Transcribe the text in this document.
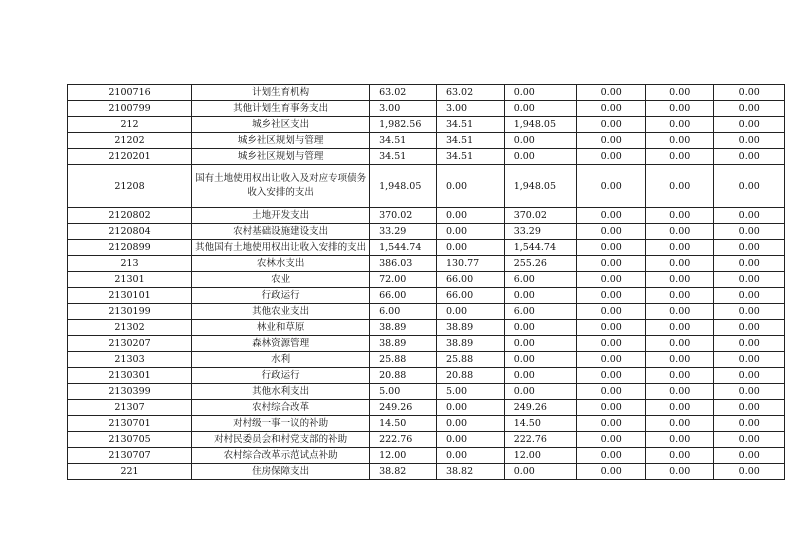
2100716	计划生育机构	63.02	63.02	0.00	0.00	0.00	0.00
2100799	其他计划生育事务支出	3.00	3.00	0.00	0.00	0.00	0.00
212	城乡社区支出	1,982.56	34.51	1,948.05	0.00	0.00	0.00
21202	城乡社区规划与管理	34.51	34.51	0.00	0.00	0.00	0.00
2120201	城乡社区规划与管理	34.51	34.51	0.00	0.00	0.00	0.00
21208	国有土地使用权出让收入及对应专项债务收入安排的支出	1,948.05	0.00	1,948.05	0.00	0.00	0.00
2120802	土地开发支出	370.02	0.00	370.02	0.00	0.00	0.00
2120804	农村基础设施建设支出	33.29	0.00	33.29	0.00	0.00	0.00
2120899	其他国有土地使用权出让收入安排的支出	1,544.74	0.00	1,544.74	0.00	0.00	0.00
213	农林水支出	386.03	130.77	255.26	0.00	0.00	0.00
21301	农业	72.00	66.00	6.00	0.00	0.00	0.00
2130101	行政运行	66.00	66.00	0.00	0.00	0.00	0.00
2130199	其他农业支出	6.00	0.00	6.00	0.00	0.00	0.00
21302	林业和草原	38.89	38.89	0.00	0.00	0.00	0.00
2130207	森林资源管理	38.89	38.89	0.00	0.00	0.00	0.00
21303	水利	25.88	25.88	0.00	0.00	0.00	0.00
2130301	行政运行	20.88	20.88	0.00	0.00	0.00	0.00
2130399	其他水利支出	5.00	5.00	0.00	0.00	0.00	0.00
21307	农村综合改革	249.26	0.00	249.26	0.00	0.00	0.00
2130701	对村级一事一议的补助	14.50	0.00	14.50	0.00	0.00	0.00
2130705	对村民委员会和村党支部的补助	222.76	0.00	222.76	0.00	0.00	0.00
2130707	农村综合改革示范试点补助	12.00	0.00	12.00	0.00	0.00	0.00
221	住房保障支出	38.82	38.82	0.00	0.00	0.00	0.00
